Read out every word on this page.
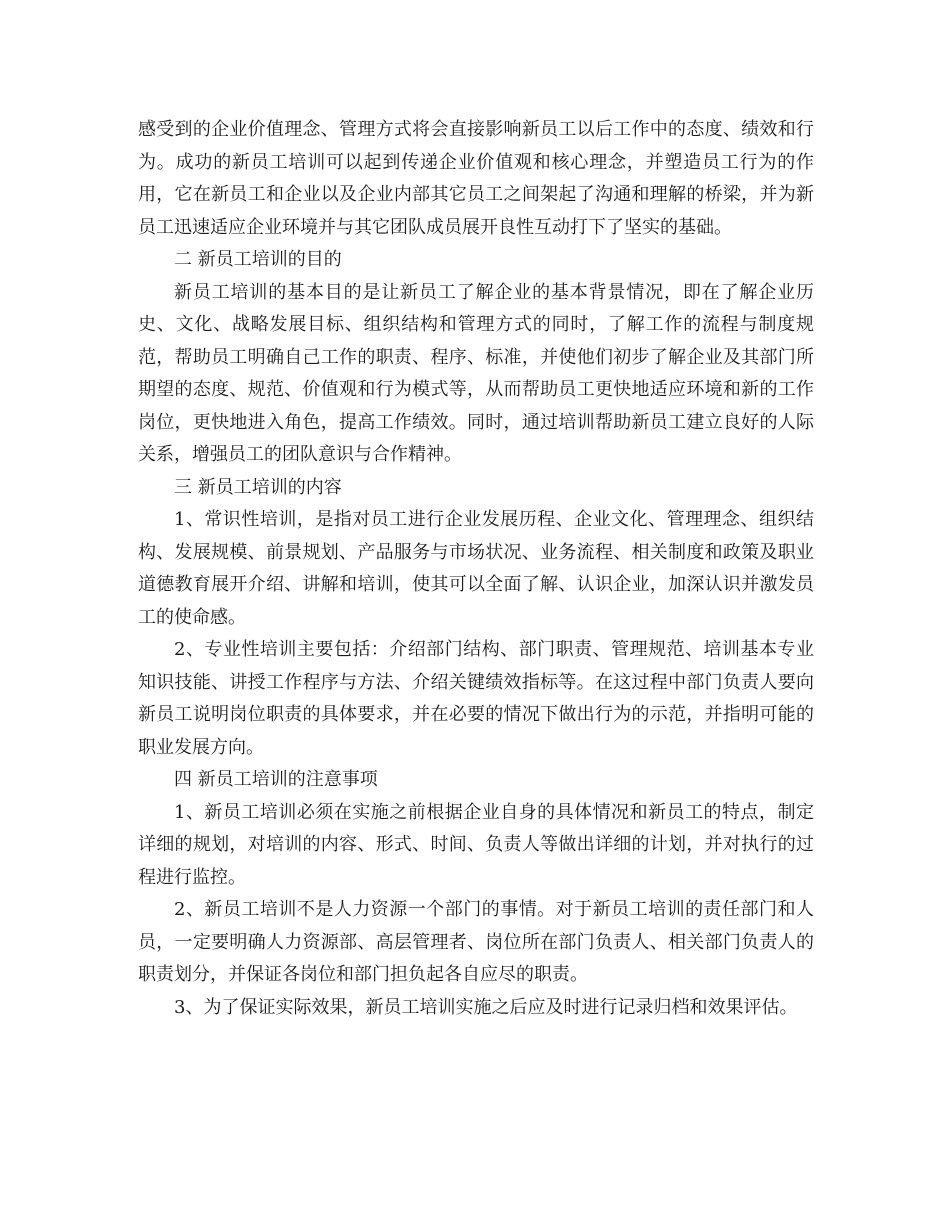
感受到的企业价值理念、管理方式将会直接影响新员工以后工作中的态度、绩效和行为。成功的新员工培训可以起到传递企业价值观和核心理念，并塑造员工行为的作用，它在新员工和企业以及企业内部其它员工之间架起了沟通和理解的桥梁，并为新员工迅速适应企业环境并与其它团队成员展开良性互动打下了坚实的基础。

二 新员工培训的目的

新员工培训的基本目的是让新员工了解企业的基本背景情况，即在了解企业历史、文化、战略发展目标、组织结构和管理方式的同时，了解工作的流程与制度规范，帮助员工明确自己工作的职责、程序、标准，并使他们初步了解企业及其部门所期望的态度、规范、价值观和行为模式等，从而帮助员工更快地适应环境和新的工作岗位，更快地进入角色，提高工作绩效。同时，通过培训帮助新员工建立良好的人际关系，增强员工的团队意识与合作精神。

三 新员工培训的内容

1、常识性培训，是指对员工进行企业发展历程、企业文化、管理理念、组织结构、发展规模、前景规划、产品服务与市场状况、业务流程、相关制度和政策及职业道德教育展开介绍、讲解和培训，使其可以全面了解、认识企业，加深认识并激发员工的使命感。

2、专业性培训主要包括：介绍部门结构、部门职责、管理规范、培训基本专业知识技能、讲授工作程序与方法、介绍关键绩效指标等。在这过程中部门负责人要向新员工说明岗位职责的具体要求，并在必要的情况下做出行为的示范，并指明可能的职业发展方向。

四 新员工培训的注意事项

1、新员工培训必须在实施之前根据企业自身的具体情况和新员工的特点，制定详细的规划，对培训的内容、形式、时间、负责人等做出详细的计划，并对执行的过程进行监控。

2、新员工培训不是人力资源一个部门的事情。对于新员工培训的责任部门和人员，一定要明确人力资源部、高层管理者、岗位所在部门负责人、相关部门负责人的职责划分，并保证各岗位和部门担负起各自应尽的职责。

3、为了保证实际效果，新员工培训实施之后应及时进行记录归档和效果评估。
